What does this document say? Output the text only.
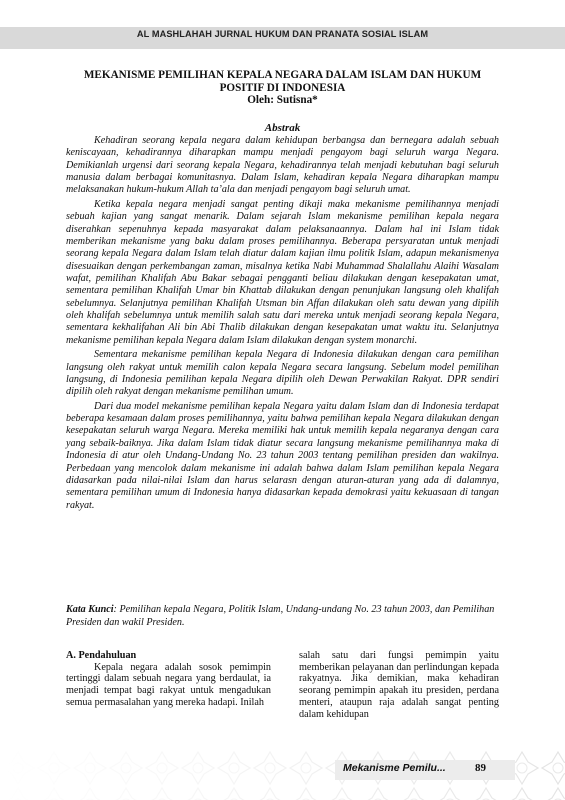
AL MASHLAHAH JURNAL HUKUM DAN PRANATA SOSIAL ISLAM
MEKANISME PEMILIHAN KEPALA NEGARA DALAM ISLAM DAN HUKUM
POSITIF DI INDONESIA
Oleh: Sutisna*
Abstrak

Kehadiran seorang kepala negara dalam kehidupan berbangsa dan bernegara adalah sebuah keniscayaan, kehadirannya diharapkan mampu menjadi pengayom bagi seluruh warga Negara. Demikianlah urgensi dari seorang kepala Negara, kehadirannya telah menjadi kebutuhan bagi seluruh manusia dalam berbagai komunitasnya. Dalam Islam, kehadiran kepala Negara diharapkan mampu melaksanakan hukum-hukum Allah ta’ala dan menjadi pengayom bagi seluruh umat.

Ketika kepala negara menjadi sangat penting dikaji maka mekanisme pemilihannya menjadi sebuah kajian yang sangat menarik. Dalam sejarah Islam mekanisme pemilihan kepala negara diserahkan sepenuhnya kepada masyarakat dalam pelaksanaannya. Dalam hal ini Islam tidak memberikan mekanisme yang baku dalam proses pemilihannya. Beberapa persyaratan untuk menjadi seorang kepala Negara dalam Islam telah diatur dalam kajian ilmu politik Islam, adapun mekanismenya disesuaikan dengan perkembangan zaman, misalnya ketika Nabi Muhammad Shalallahu Alaihi Wasalam wafat, pemilihan Khalifah Abu Bakar sebagai pengganti beliau dilakukan dengan kesepakatan umat, sementara pemilihan Khalifah Umar bin Khattab dilakukan dengan penunjukan langsung oleh khalifah sebelumnya. Selanjutnya pemilihan Khalifah Utsman bin Affan dilakukan oleh satu dewan yang dipilih oleh khalifah sebelumnya untuk memilih salah satu dari mereka untuk menjadi seorang kepala Negara, sementara kekhalifahan Ali bin Abi Thalib dilakukan dengan kesepakatan umat waktu itu. Selanjutnya mekanisme pemilihan kepala Negara dalam Islam dilakukan dengan system monarchi.

Sementara mekanisme pemilihan kepala Negara di Indonesia dilakukan dengan cara pemilihan langsung oleh rakyat untuk memilih calon kepala Negara secara langsung. Sebelum model pemilihan langsung, di Indonesia pemilihan kepala Negara dipilih oleh Dewan Perwakilan Rakyat. DPR sendiri dipilih oleh rakyat dengan mekanisme pemilihan umum.

Dari dua model mekanisme pemilihan kepala Negara yaitu dalam Islam dan di Indonesia terdapat beberapa kesamaan dalam proses pemilihannya, yaitu bahwa pemilihan kepala Negara dilakukan dengan kesepakatan seluruh warga Negara. Mereka memiliki hak untuk memilih kepala negaranya dengan cara yang sebaik-baiknya. Jika dalam Islam tidak diatur secara langsung mekanisme pemilihannya maka di Indonesia di atur oleh Undang-Undang No. 23 tahun 2003 tentang pemilihan presiden dan wakilnya. Perbedaan yang mencolok dalam mekanisme ini adalah bahwa dalam Islam pemilihan kepala Negara didasarkan pada nilai-nilai Islam dan harus selarasn dengan aturan-aturan yang ada di dalamnya, sementara pemilihan umum di Indonesia hanya didasarkan kepada demokrasi yaitu kekuasaan di tangan rakyat.

Kata Kunci: Pemilihan kepala Negara, Politik Islam, Undang-undang No. 23 tahun 2003, dan Pemilihan Presiden dan wakil Presiden.
A. Pendahuluan

Kepala negara adalah sosok pemimpin tertinggi dalam sebuah negara yang berdaulat, ia menjadi tempat bagi rakyat untuk mengadukan semua permasalahan yang mereka hadapi. Inilah

salah satu dari fungsi pemimpin yaitu memberikan pelayanan dan perlindungan kepada rakyatnya. Jika demikian, maka kehadiran seorang pemimpin apakah itu presiden, perdana menteri, ataupun raja adalah sangat penting dalam kehidupan

Mekanisme Pemilu...	89
